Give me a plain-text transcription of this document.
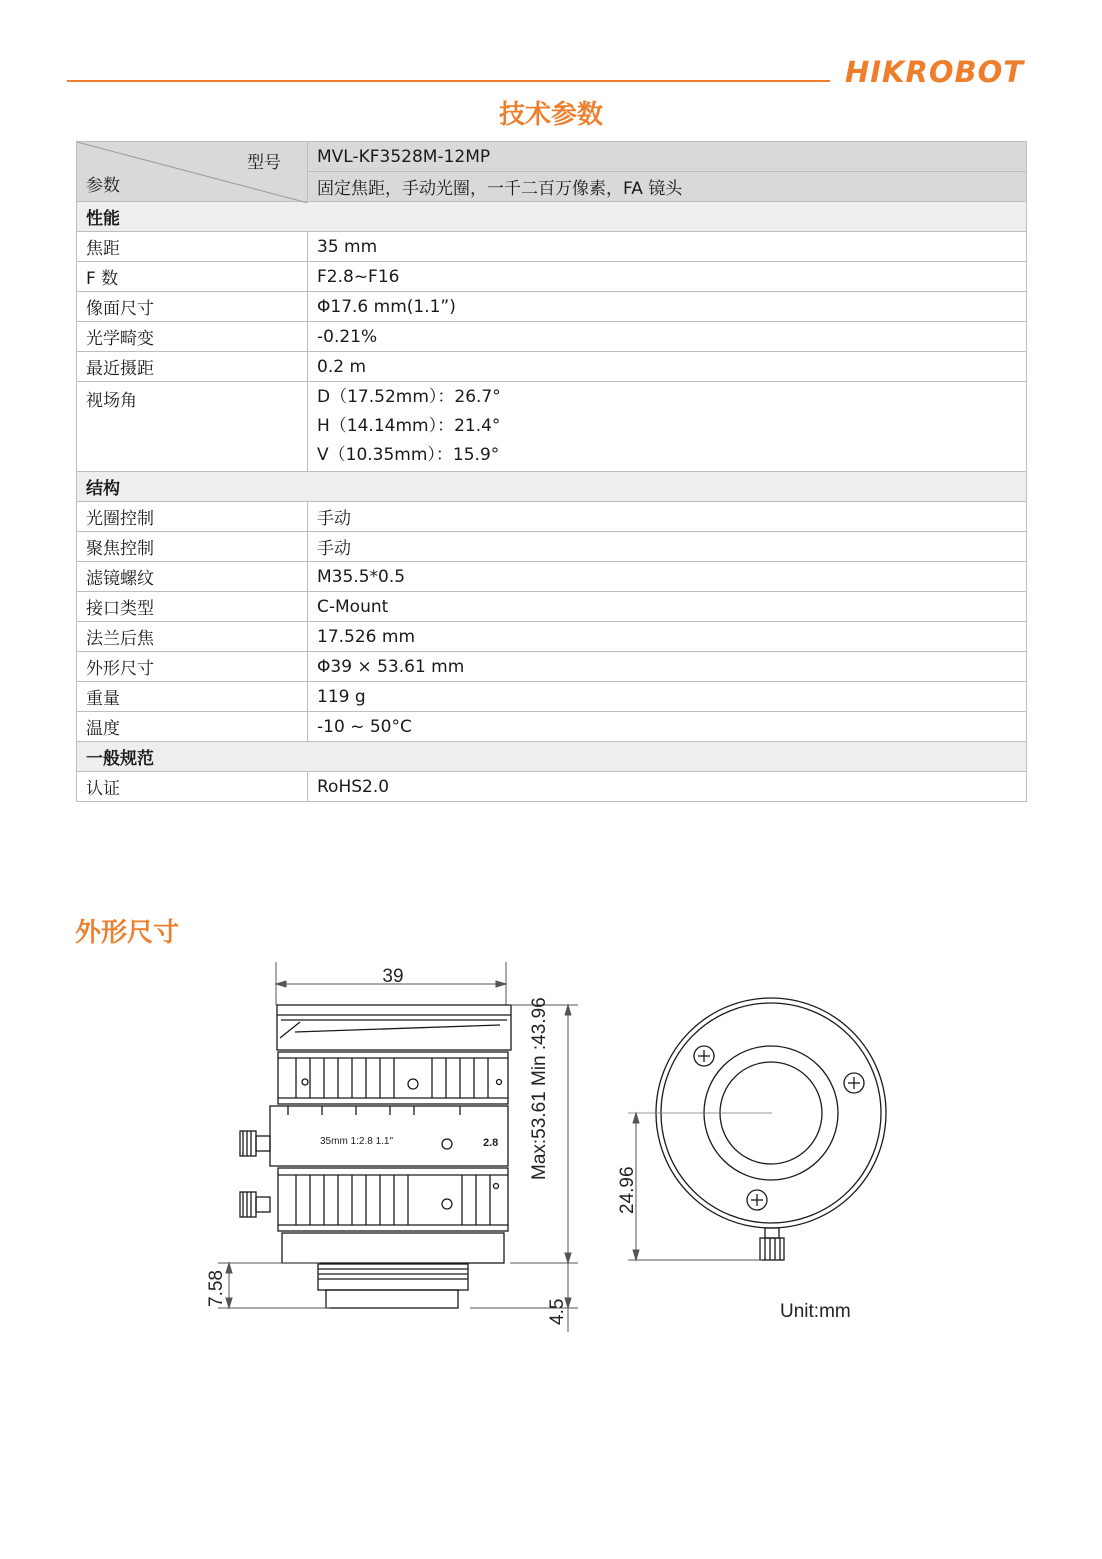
HIKROBOT
技术参数
型号
参数	MVL-KF3528M-12MP
	固定焦距，手动光圈，一千二百万像素，FA 镜头
性能	
焦距	35 mm
F 数	F2.8~F16
像面尺寸	Φ17.6 mm(1.1”)
光学畸变	-0.21%
最近摄距	0.2 m
视场角	D（17.52mm）：26.7°
H（14.14mm）：21.4°
V（10.35mm）：15.9°

结构	
光圈控制	手动
聚焦控制	手动
滤镜螺纹	M35.5*0.5
接口类型	C-Mount
法兰后焦	17.526 mm
外形尺寸	Φ39 × 53.61 mm
重量	119 g
温度	-10 ~ 50°C
一般规范	
认证	RoHS2.0
外形尺寸
39
35mm 1:2.8 1.1"	2.8 Max:53.61 Min :43.96
4.5
7.58
24.96
Unit:mm
